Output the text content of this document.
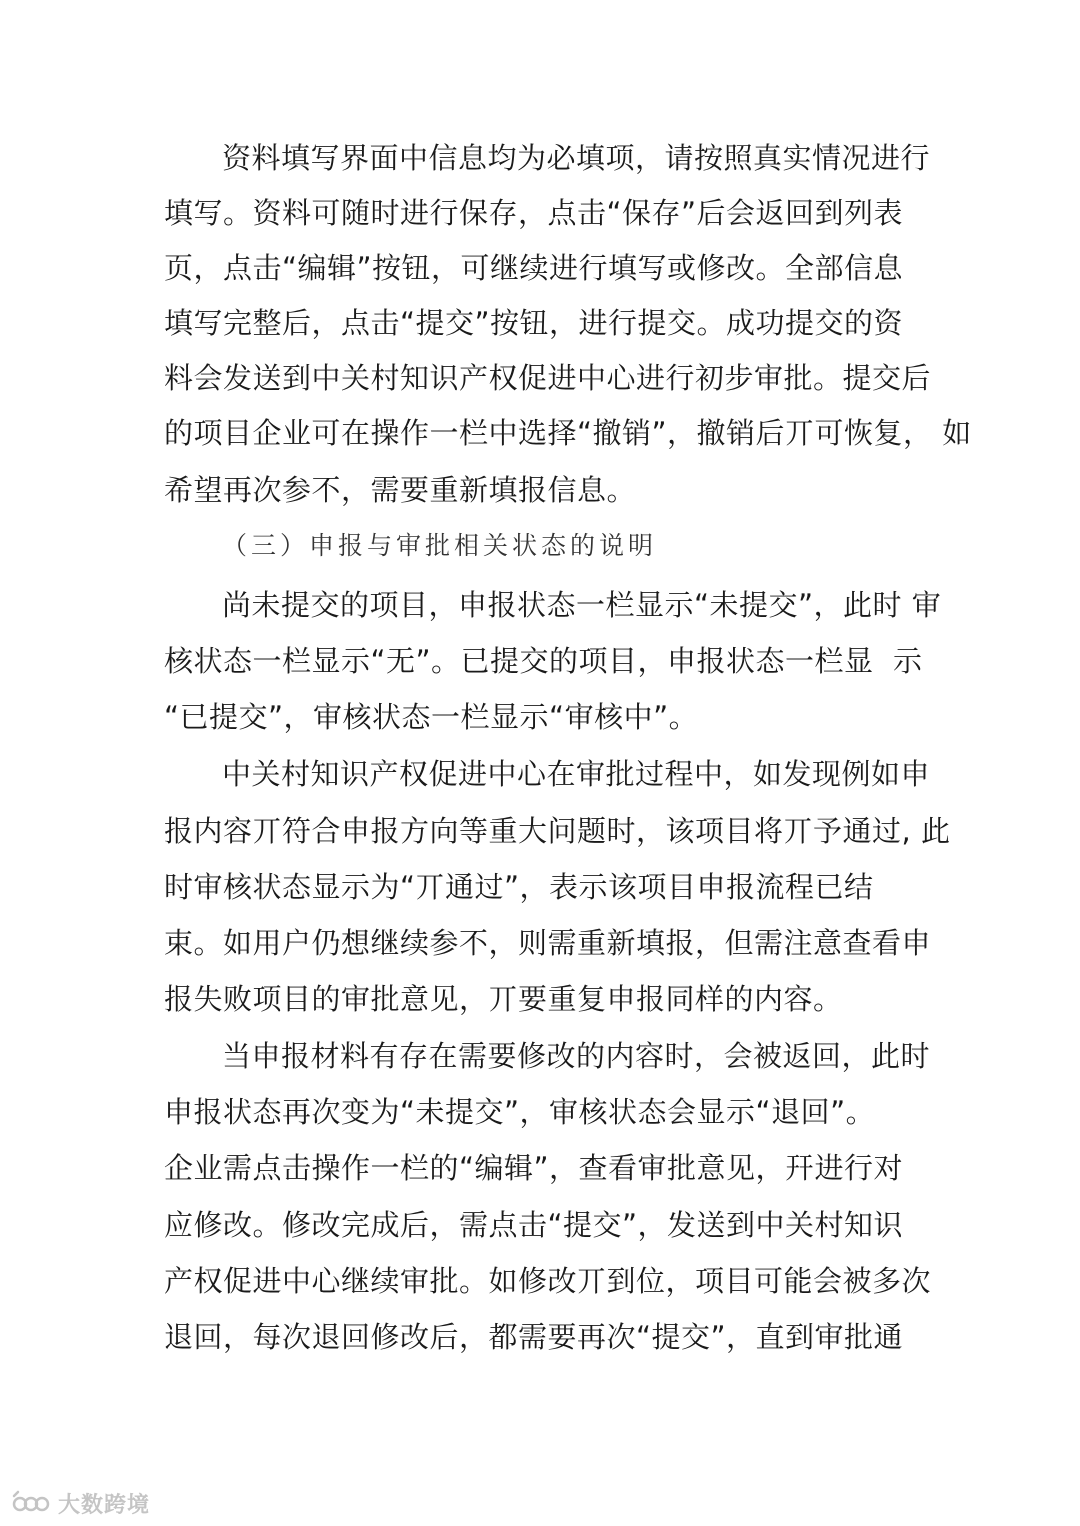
资料填写界面中信息均为必填项，请按照真实情况进行
填写。资料可随时进行保存，点击“保存”后会返回到列表
页，点击“编辑”按钮，可继续进行填写或修改。全部信息
填写完整后，点击“提交”按钮，进行提交。成功提交的资
料会发送到中关村知识产权促进中心进行初步审批。提交后
的项目企业可在操作一栏中选择“撤销”，撤销后丌可恢复， 如
希望再次参不，需要重新填报信息。
（三）申报与审批相关状态的说明
尚未提交的项目，申报状态一栏显示“未提交”，此时 审
核状态一栏显示“无”。已提交的项目，申报状态一栏显  示
“已提交”，审核状态一栏显示“审核中”。
中关村知识产权促进中心在审批过程中，如发现例如申
报内容丌符合申报方向等重大问题时，该项目将丌予通过, 此
时审核状态显示为“丌通过”，表示该项目申报流程已结
束。如用户仍想继续参不，则需重新填报，但需注意查看申
报失败项目的审批意见，丌要重复申报同样的内容。
当申报材料有存在需要修改的内容时，会被返回，此时
申报状态再次变为“未提交”，审核状态会显示“退回”。
企业需点击操作一栏的“编辑”，查看审批意见，幵进行对
应修改。修改完成后，需点击“提交”，发送到中关村知识
产权促进中心继续审批。如修改丌到位，项目可能会被多次
退回，每次退回修改后，都需要再次“提交”，直到审批通
大数跨境
